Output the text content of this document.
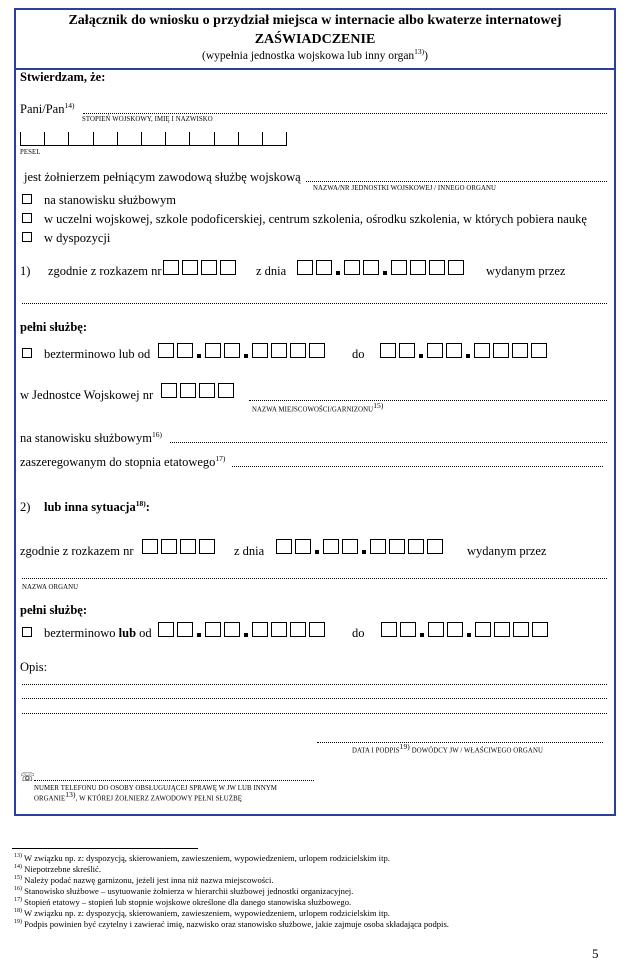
Załącznik do wniosku o przydział miejsca w internacie albo kwaterze internatowej
ZAŚWIADCZENIE
(wypełnia jednostka wojskowa lub inny organ$^{13)}$)
Stwierdzam, że:
Pani/Pan$^{14)}$
STOPIEŃ WOJSKOWY, IMIĘ I NAZWISKO
PESEL
jest żołnierzem pełniącym zawodową służbę wojskową
NAZWA/NR JEDNOSTKI WOJSKOWEJ / INNEGO ORGANU
na stanowisku służbowym
w uczelni wojskowej, szkole podoficerskiej, centrum szkolenia, ośrodku szkolenia, w których pobiera naukę
w dyspozycji
1) zgodnie z rozkazem nr	z dnia	wydanym przez
pełni służbę:
bezterminowo lub od	do
w Jednostce Wojskowej nr
NAZWA MIEJSCOWOŚCI/GARNIZONU$^{15)}$
na stanowisku służbowym$^{16)}$
zaszeregowanym do stopnia etatowego$^{17)}$
2) lub inna sytuacja$^{18)}$:
zgodnie z rozkazem nr	z dnia	wydanym przez
NAZWA ORGANU
pełni służbę:
bezterminowo lub od	do
Opis:
DATA I PODPIS$^{19)}$ DOWÓDCY JW / WŁAŚCIWEGO ORGANU
☏
NUMER TELEFONU DO OSOBY OBSŁUGUJĄCEJ SPRAWĘ W JW LUB INNYM
ORGANIE$^{13)}$, W KTÓREJ ŻOŁNIERZ ZAWODOWY PEŁNI SŁUŻBĘ
$^{13)}$ W związku np. z: dyspozycją, skierowaniem, zawieszeniem, wypowiedzeniem, urlopem rodzicielskim itp.
$^{14)}$ Niepotrzebne skreślić.
$^{15)}$ Należy podać nazwę garnizonu, jeżeli jest inna niż nazwa miejscowości.
$^{16)}$ Stanowisko służbowe – usytuowanie żołnierza w hierarchii służbowej jednostki organizacyjnej.
$^{17)}$ Stopień etatowy – stopień lub stopnie wojskowe określone dla danego stanowiska służbowego.
$^{18)}$ W związku np. z: dyspozycją, skierowaniem, zawieszeniem, wypowiedzeniem, urlopem rodzicielskim itp.
$^{19)}$ Podpis powinien być czytelny i zawierać imię, nazwisko oraz stanowisko służbowe, jakie zajmuje osoba składająca podpis.
5
